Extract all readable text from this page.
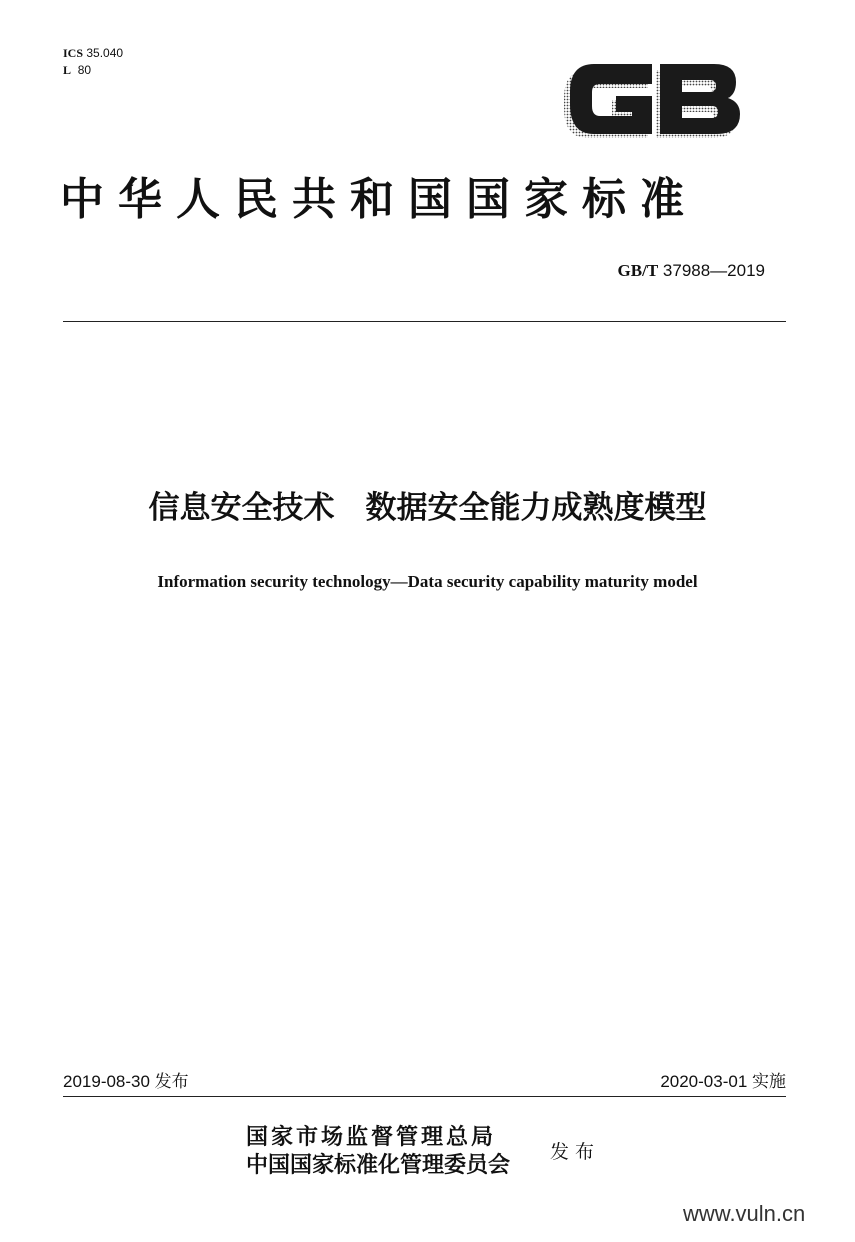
ICS 35.040
L 80
GB
中华人民共和国国家标准
GB/T 37988—2019
信息安全技术　数据安全能力成熟度模型
Information security technology—Data security capability maturity model
2019-08-30 发布	2020-03-01 实施
国家市场监督管理总局
中国国家标准化管理委员会 发布
www.vuln.cn
